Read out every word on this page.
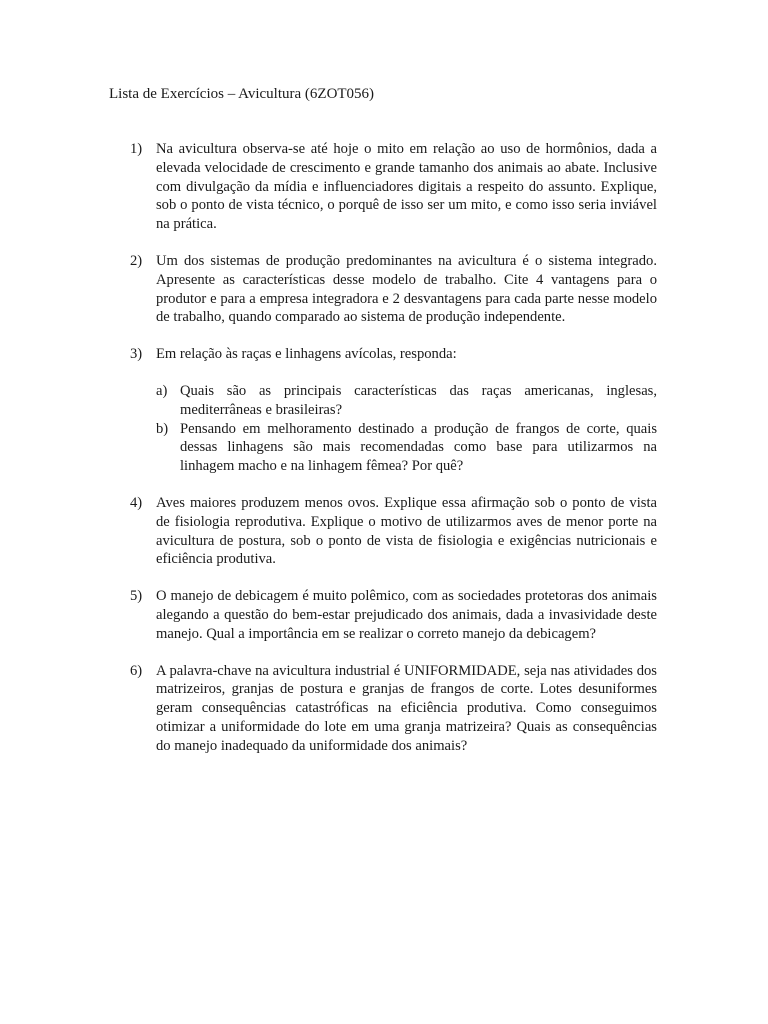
Lista de Exercícios – Avicultura (6ZOT056)
1) Na avicultura observa-se até hoje o mito em relação ao uso de hormônios, dada a elevada velocidade de crescimento e grande tamanho dos animais ao abate. Inclusive com divulgação da mídia e influenciadores digitais a respeito do assunto. Explique, sob o ponto de vista técnico, o porquê de isso ser um mito, e como isso seria inviável na prática.
2) Um dos sistemas de produção predominantes na avicultura é o sistema integrado. Apresente as características desse modelo de trabalho. Cite 4 vantagens para o produtor e para a empresa integradora e 2 desvantagens para cada parte nesse modelo de trabalho, quando comparado ao sistema de produção independente.
3) Em relação às raças e linhagens avícolas, responda:
a) Quais são as principais características das raças americanas, inglesas, mediterrâneas e brasileiras?
b) Pensando em melhoramento destinado a produção de frangos de corte, quais dessas linhagens são mais recomendadas como base para utilizarmos na linhagem macho e na linhagem fêmea? Por quê?
4) Aves maiores produzem menos ovos. Explique essa afirmação sob o ponto de vista de fisiologia reprodutiva. Explique o motivo de utilizarmos aves de menor porte na avicultura de postura, sob o ponto de vista de fisiologia e exigências nutricionais e eficiência produtiva.
5) O manejo de debicagem é muito polêmico, com as sociedades protetoras dos animais alegando a questão do bem-estar prejudicado dos animais, dada a invasividade deste manejo. Qual a importância em se realizar o correto manejo da debicagem?
6) A palavra-chave na avicultura industrial é UNIFORMIDADE, seja nas atividades dos matrizeiros, granjas de postura e granjas de frangos de corte. Lotes desuniformes geram consequências catastróficas na eficiência produtiva. Como conseguimos otimizar a uniformidade do lote em uma granja matrizeira? Quais as consequências do manejo inadequado da uniformidade dos animais?
